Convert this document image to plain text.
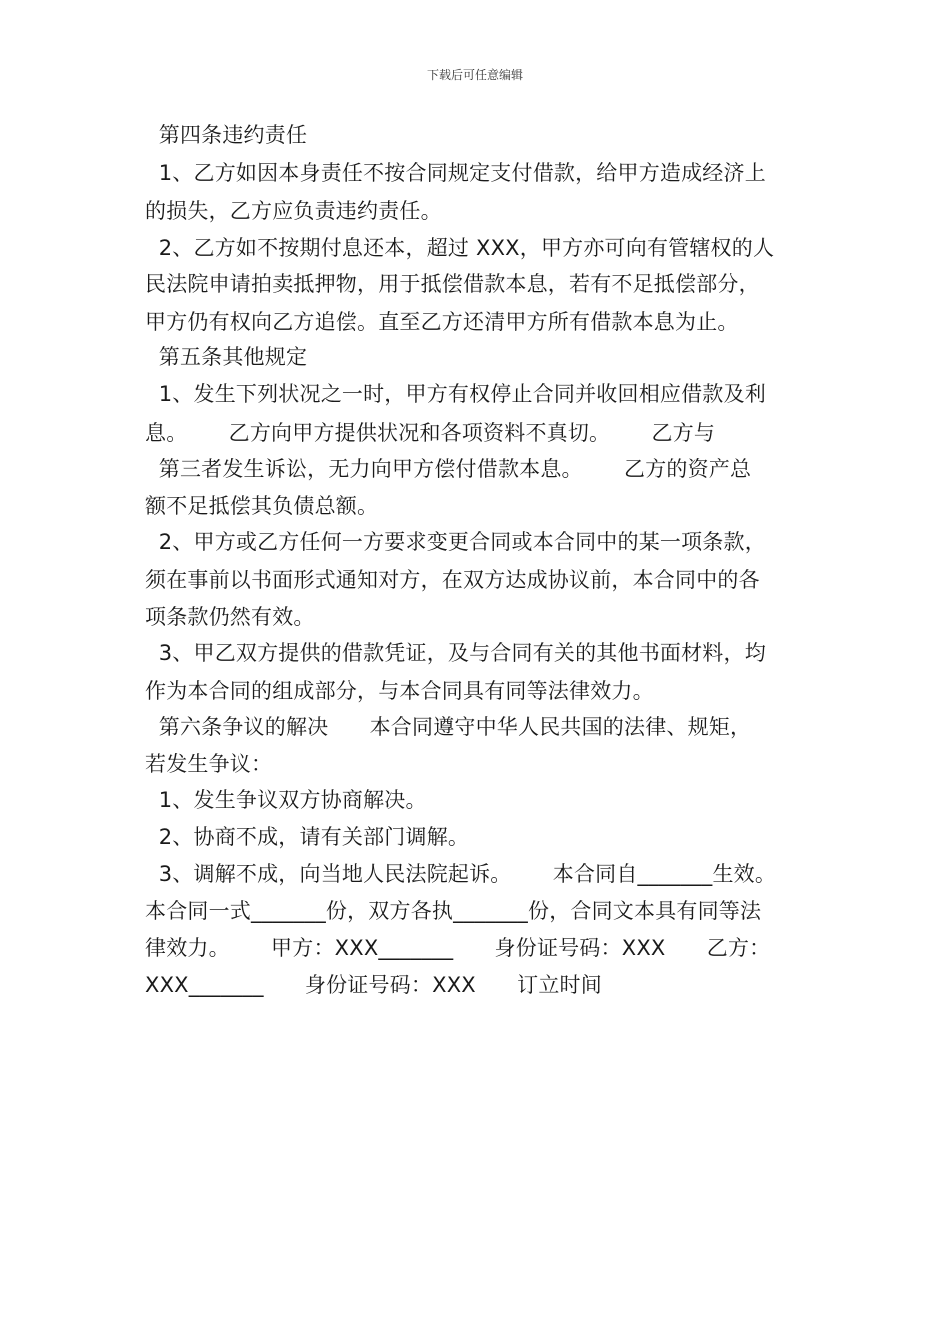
下载后可任意编辑
第四条违约责任
1、乙方如因本身责任不按合同规定支付借款，给甲方造成经济上
的损失，乙方应负责违约责任。
2、乙方如不按期付息还本，超过 XXX，甲方亦可向有管辖权的人
民法院申请拍卖抵押物，用于抵偿借款本息，若有不足抵偿部分，
甲方仍有权向乙方追偿。直至乙方还清甲方所有借款本息为止。
第五条其他规定
1、发生下列状况之一时，甲方有权停止合同并收回相应借款及利
息。      乙方向甲方提供状况和各项资料不真切。      乙方与
第三者发生诉讼，无力向甲方偿付借款本息。      乙方的资产总
额不足抵偿其负债总额。
2、甲方或乙方任何一方要求变更合同或本合同中的某一项条款，
须在事前以书面形式通知对方，在双方达成协议前，本合同中的各
项条款仍然有效。
3、甲乙双方提供的借款凭证，及与合同有关的其他书面材料，均
作为本合同的组成部分，与本合同具有同等法律效力。
第六条争议的解决      本合同遵守中华人民共国的法律、规矩，
若发生争议：
1、发生争议双方协商解决。
2、协商不成，请有关部门调解。
3、调解不成，向当地人民法院起诉。      本合同自_______生效。
本合同一式_______份，双方各执_______份，合同文本具有同等法
律效力。      甲方：XXX_______      身份证号码：XXX      乙方：
XXX_______      身份证号码：XXX      订立时间
